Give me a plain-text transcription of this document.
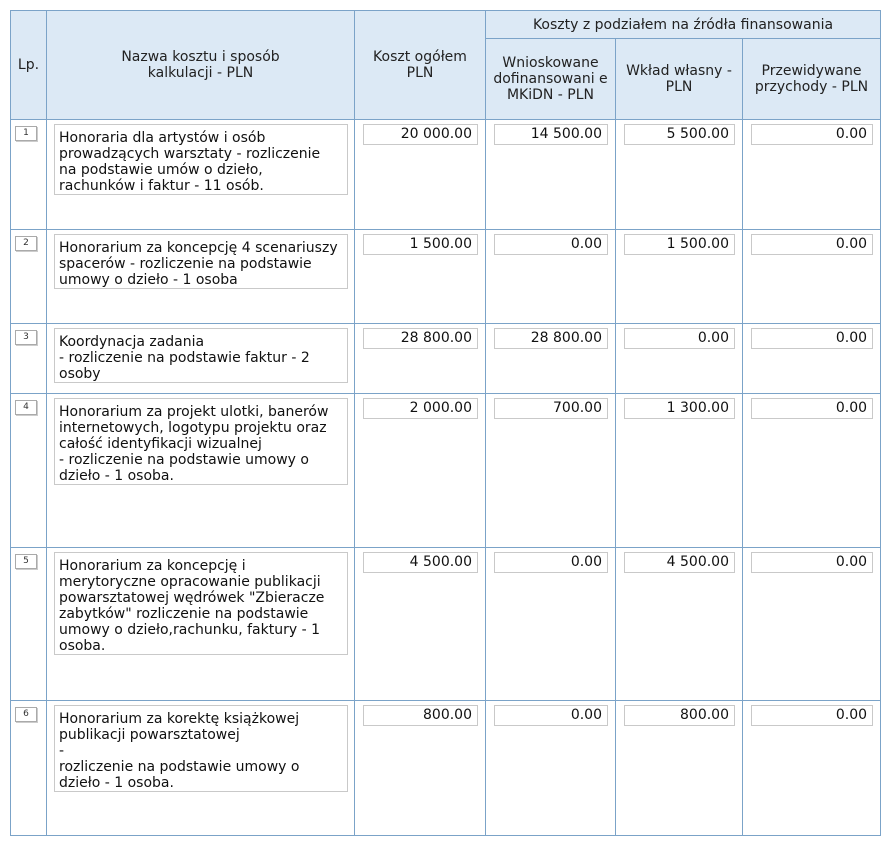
Lp.	Nazwa kosztu i sposób kalkulacji - PLN	Koszt ogółem PLN	Koszty z podziałem na źródła finansowania		
			Wnioskowane dofinansowani e MKiDN - PLN	Wkład własny - PLN	Przewidywane przychody - PLN
1	Honoraria dla artystów i osób prowadzących warsztaty - rozliczenie na podstawie umów o dzieło, rachunków i faktur - 11 osób.	20 000.00	14 500.00	5 500.00	0.00

2	Honorarium za koncepcję 4 scenariuszy spacerów - rozliczenie na podstawie umowy o dzieło - 1 osoba	1 500.00	0.00	1 500.00	0.00

3	Koordynacja zadania
- rozliczenie na podstawie faktur - 2 osoby	28 800.00	28 800.00	0.00	0.00

4	Honorarium za projekt ulotki, banerów internetowych, logotypu projektu oraz całość identyfikacji wizualnej
- rozliczenie na podstawie umowy o dzieło - 1 osoba.	2 000.00	700.00	1 300.00	0.00

5	Honorarium za koncepcję i merytoryczne opracowanie publikacji powarsztatowej wędrówek "Zbieracze zabytków" rozliczenie na podstawie umowy o dzieło,rachunku, faktury - 1 osoba.	4 500.00	0.00	4 500.00	0.00

6	Honorarium za korektę książkowej publikacji powarsztatowej
-
rozliczenie na podstawie umowy o dzieło - 1 osoba.	800.00	0.00	800.00	0.00
